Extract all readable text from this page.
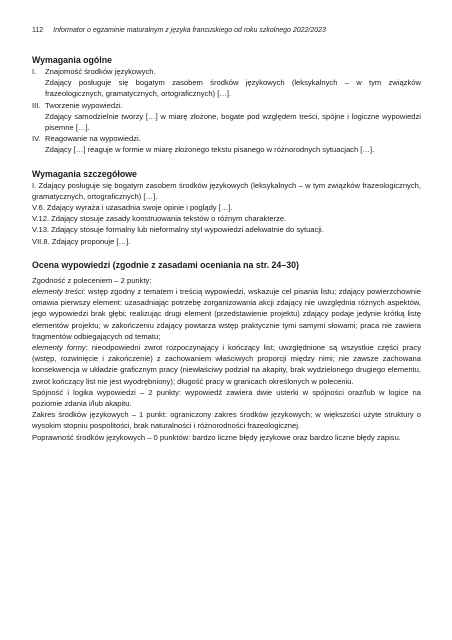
112 Informator o egzaminie maturalnym z języka francuskiego od roku szkolnego 2022/2023
Wymagania ogólne
I.	Znajomość środków językowych.
Zdający posługuje się bogatym zasobem środków językowych (leksykalnych – w tym związków frazeologicznych, gramatycznych, ortograficznych) […].
III. Tworzenie wypowiedzi.
Zdający samodzielnie tworzy […] w miarę złożone, bogate pod względem treści, spójne i logiczne wypowiedzi pisemne […].
IV. Reagowanie na wypowiedzi.
Zdający […] reaguje w formie w miarę złożonego tekstu pisanego w różnorodnych sytuacjach […].
Wymagania szczegółowe

I. Zdający posługuje się bogatym zasobem środków językowych (leksykalnych – w tym związków frazeologicznych, gramatycznych, ortograficznych) […].

V.6. Zdający wyraża i uzasadnia swoje opinie i poglądy […].

V.12. Zdający stosuje zasady konstruowania tekstów o różnym charakterze.

V.13. Zdający stosuje formalny lub nieformalny styl wypowiedzi adekwatnie do sytuacji.

VII.8. Zdający proponuje […].

Ocena wypowiedzi (zgodnie z zasadami oceniania na str. 24–30)

Zgodność z poleceniem – 2 punkty:

elementy treści: wstęp zgodny z tematem i treścią wypowiedzi, wskazuje cel pisania listu; zdający powierzchownie omawia pierwszy element: uzasadniając potrzebę zorganizowania akcji zdający nie uwzględnia różnych aspektów, jego wypowiedzi brak głębi; realizując drugi element (przedstawienie projektu) zdający podaje jedynie krótką listę elementów projektu; w zakończeniu zdający powtarza wstęp praktycznie tymi samymi słowami; praca nie zawiera fragmentów odbiegających od tematu;

elementy formy: nieodpowiedni zwrot rozpoczynający i kończący list; uwzględnione są wszystkie części pracy (wstęp, rozwinięcie i zakończenie) z zachowaniem właściwych proporcji między nimi; nie zawsze zachowana konsekwencja w układzie graficznym pracy (niewłaściwy podział na akapity, brak wydzielonego drugiego elementu, zwrot kończący list nie jest wyodrębniony); długość pracy w granicach określonych w poleceniu.

Spójność i logika wypowiedzi – 2 punkty: wypowiedź zawiera dwie usterki w spójności oraz/lub w logice na poziomie zdania i/lub akapitu.

Zakres środków językowych – 1 punkt: ograniczony zakres środków językowych; w większości użyte struktury o wysokim stopniu pospolitości, brak naturalności i różnorodności frazeologicznej.

Poprawność środków językowych – 0 punktów: bardzo liczne błędy językowe oraz bardzo liczne błędy zapisu.
